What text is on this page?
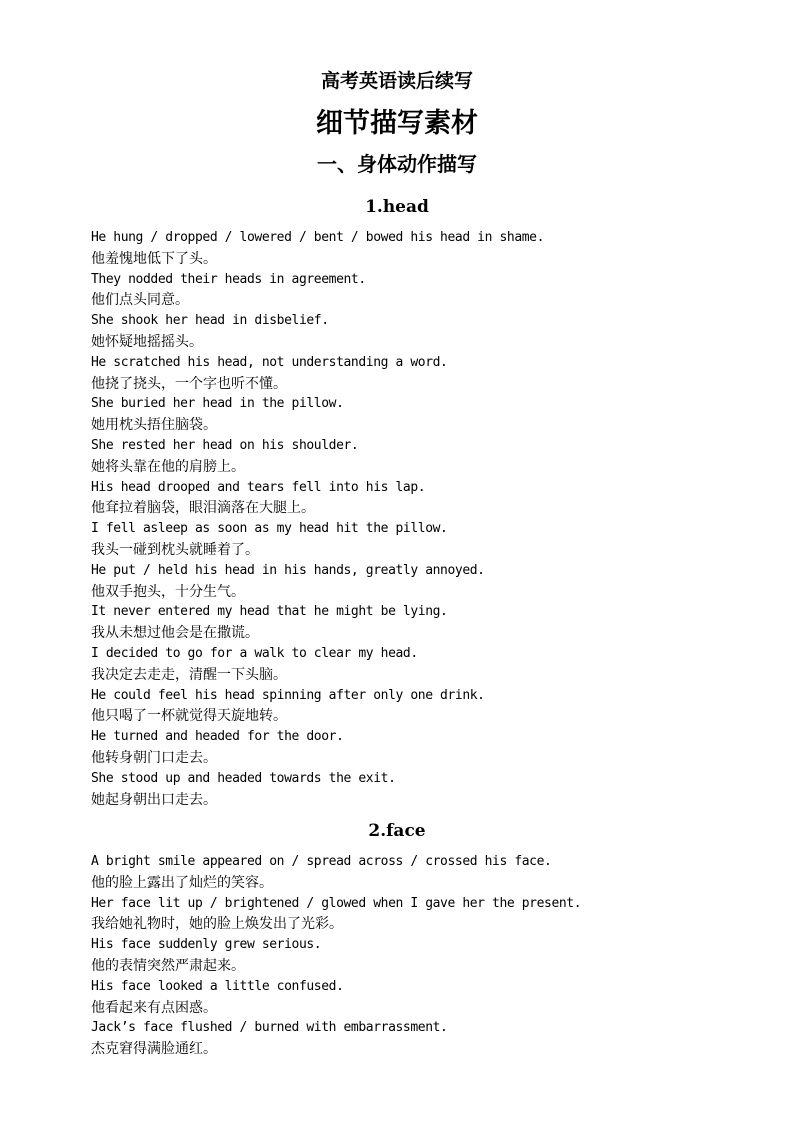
高考英语读后续写
细节描写素材
一、身体动作描写
1.head
He hung / dropped / lowered / bent / bowed his head in shame.
他羞愧地低下了头。
They nodded their heads in agreement.
他们点头同意。
She shook her head in disbelief.
她怀疑地摇摇头。
He scratched his head, not understanding a word.
他挠了挠头，一个字也听不懂。
She buried her head in the pillow.
她用枕头捂住脑袋。
She rested her head on his shoulder.
她将头靠在他的肩膀上。
His head drooped and tears fell into his lap.
他耷拉着脑袋，眼泪滴落在大腿上。
I fell asleep as soon as my head hit the pillow.
我头一碰到枕头就睡着了。
He put / held his head in his hands, greatly annoyed.
他双手抱头，十分生气。
It never entered my head that he might be lying.
我从未想过他会是在撒谎。
I decided to go for a walk to clear my head.
我决定去走走，清醒一下头脑。
He could feel his head spinning after only one drink.
他只喝了一杯就觉得天旋地转。
He turned and headed for the door.
他转身朝门口走去。
She stood up and headed towards the exit.
她起身朝出口走去。
2.face
A bright smile appeared on / spread across / crossed his face.
他的脸上露出了灿烂的笑容。
Her face lit up / brightened / glowed when I gave her the present.
我给她礼物时，她的脸上焕发出了光彩。
His face suddenly grew serious.
他的表情突然严肃起来。
His face looked a little confused.
他看起来有点困惑。
Jack’s face flushed / burned with embarrassment.
杰克窘得满脸通红。
